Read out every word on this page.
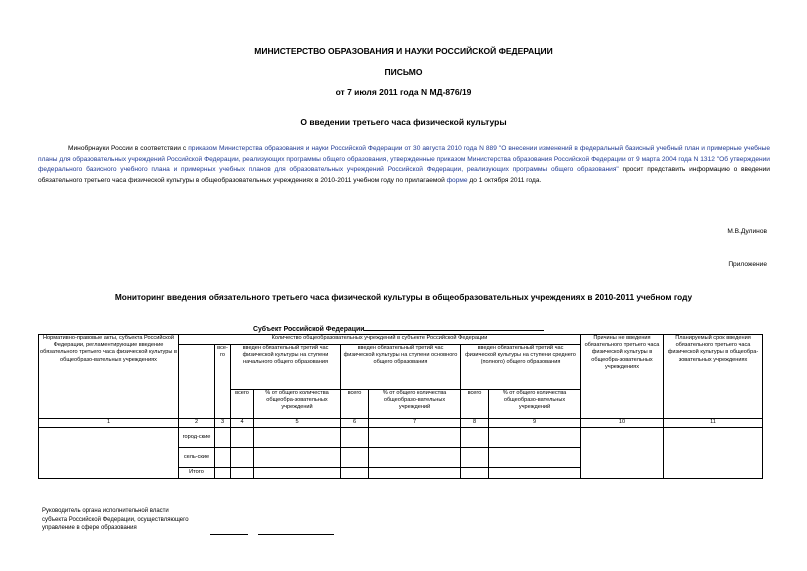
МИНИСТЕРСТВО ОБРАЗОВАНИЯ И НАУКИ РОССИЙСКОЙ ФЕДЕРАЦИИ
ПИСЬМО
от 7 июля 2011 года N МД-876/19
О введении третьего часа физической культуры
Минобрнауки России в соответствии с приказом Министерства образования и науки Российской Федерации от 30 августа 2010 года N 889 "О внесении изменений в федеральный базисный учебный план и примерные учебные планы для образовательных учреждений Российской Федерации, реализующих программы общего образования, утвержденные приказом Министерства образования Российской Федерации от 9 марта 2004 года N 1312 "Об утверждении федерального базисного учебного плана и примерных учебных планов для образовательных учреждений Российской Федерации, реализующих программы общего образования" просит представить информацию о введении обязательного третьего часа физической культуры в общеобразовательных учреждениях в 2010-2011 учебном году по прилагаемой форме до 1 октября 2011 года.
М.В.Дулинов
Приложение
Мониторинг введения обязательного третьего часа физической культуры в общеобразовательных учреждениях в 2010-2011 учебном году
Субъект Российской Федерации
Нормативно-правовые акты, субъекта Российской Федерации, регламентирующие введение обязательного третьего часа физической культуры в общеобразо-вательных учреждениях	Количество общеобразовательных учреждений в субъекте Российской Федерации								Причины не введения обязательного третьего часа физической культуры в общеобра-зовательных учреждениях	Планируемый срок введения обязательного третьего часа физической культуры в общеобра-зовательных учреждениях
		все-го	введен обязательный третий час физической культуры на ступени начального общего образования		введен обязательный третий час физической культуры на ступени основного общего образования		введен обязательный третий час физической культуры на ступени среднего (полного) общего образования			
			всего	% от общего количества общеобра-зовательных учреждений	всего	% от общего количества общеобразо-вательных учреждений	всего	% от общего количества общеобразо-вательных учреждений		
1	2	3	4	5	6	7	8	9	10	11
	город-ские									
	сель-ские									
	Итого									
Руководитель органа исполнительной власти
субъекта Российской Федерации, осуществляющего
управление в сфере образования
